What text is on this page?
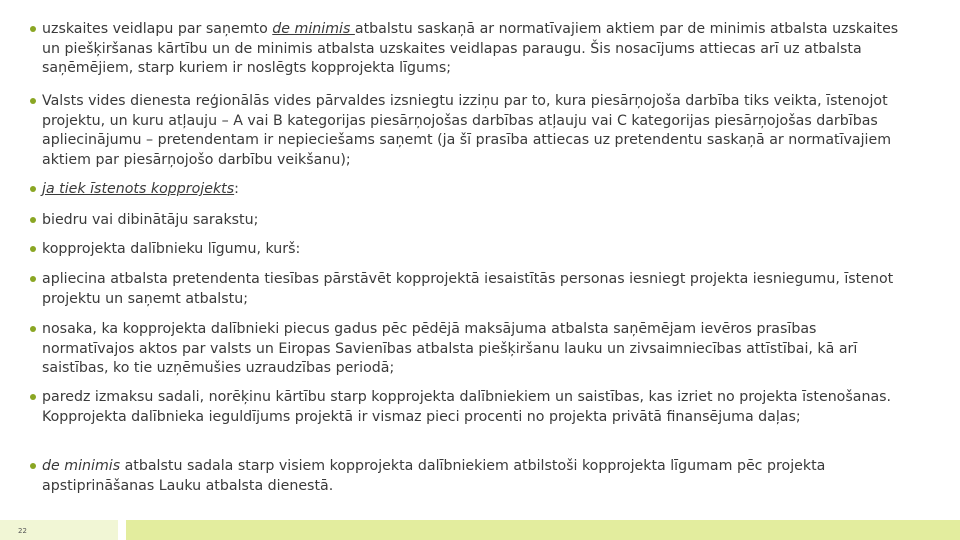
uzskaites veidlapu par saņemto de minimis atbalstu saskaņā ar normatīvajiem aktiem par de minimis atbalsta uzskaites un piešķiršanas kārtību un de minimis atbalsta uzskaites veidlapas paraugu. Šis nosacījums attiecas arī uz atbalsta saņēmējiem, starp kuriem ir noslēgts kopprojekta līgums;
Valsts vides dienesta reģionālās vides pārvaldes izsniegtu izziņu par to, kura piesārņojoša darbība tiks veikta, īstenojot projektu, un kuru atļauju – A vai B kategorijas piesārņojošas darbības atļauju vai C kategorijas piesārņojošas darbības apliecinājumu – pretendentam ir nepieciešams saņemt (ja šī prasība attiecas uz pretendentu saskaņā ar normatīvajiem aktiem par piesārņojošo darbību veikšanu);
ja tiek īstenots kopprojekts:
biedru vai dibinātāju sarakstu;
kopprojekta dalībnieku līgumu, kurš:
apliecina atbalsta pretendenta tiesības pārstāvēt kopprojektā iesaistītās personas iesniegt projekta iesniegumu, īstenot projektu un saņemt atbalstu;
nosaka, ka kopprojekta dalībnieki piecus gadus pēc pēdējā maksājuma atbalsta saņēmējam ievēros prasības normatīvajos aktos par valsts un Eiropas Savienības atbalsta piešķiršanu lauku un zivsaimniecības attīstībai, kā arī saistības, ko tie uzņēmušies uzraudzības periodā;
paredz izmaksu sadali, norēķinu kārtību starp kopprojekta dalībniekiem un saistības, kas izriet no projekta īstenošanas. Kopprojekta dalībnieka ieguldījums projektā ir vismaz pieci procenti no projekta privātā finansējuma daļas;
de minimis atbalstu sadala starp visiem kopprojekta dalībniekiem atbilstoši kopprojekta līgumam pēc projekta apstiprināšanas Lauku atbalsta dienestā.
22
